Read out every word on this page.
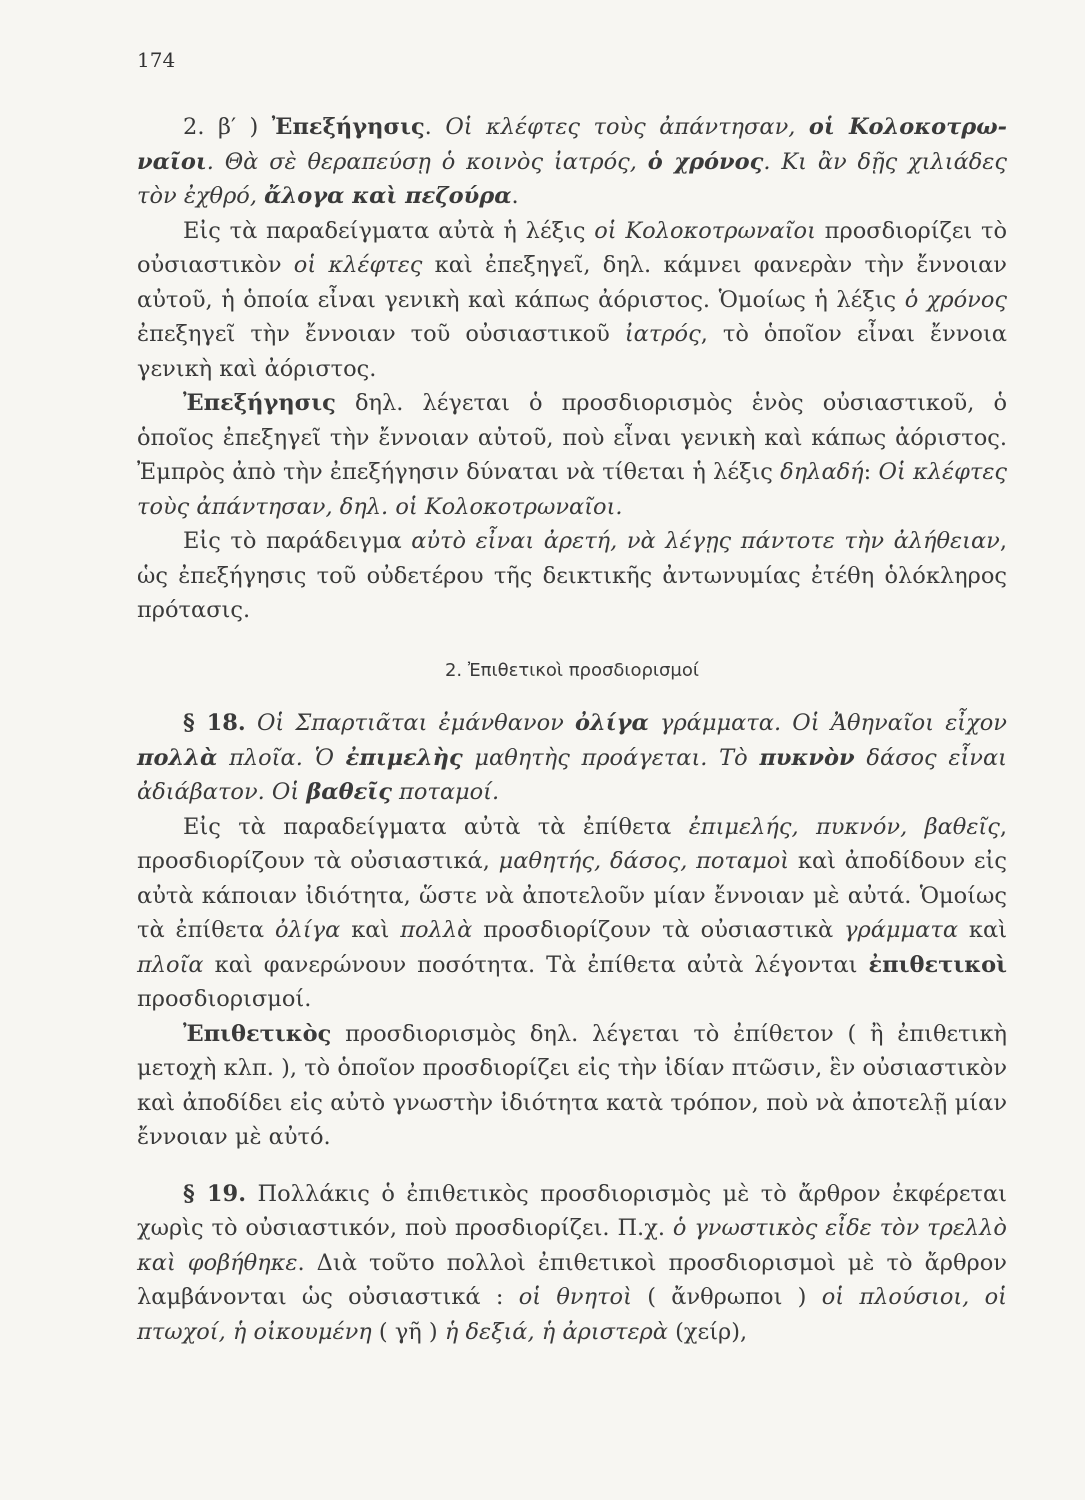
174

2. β′ ) Ἐπεξήγησις. Οἱ κλέφτες τοὺς ἀπάντησαν, οἱ Κολοκοτρω-ναῖοι. Θὰ σὲ θεραπεύσῃ ὁ κοινὸς ἰατρός, ὁ χρόνος. Κι ἂν δῇς χιλιάδες τὸν ἐχθρό, ἄλογα καὶ πεζούρα.

Εἰς τὰ παραδείγματα αὐτὰ ἡ λέξις οἱ Κολοκοτρωναῖοι προσδιορίζει τὸ οὐσιαστικὸν οἱ κλέφτες καὶ ἐπεξηγεῖ, δηλ. κάμνει φανερὰν τὴν ἔννοιαν αὐτοῦ, ἡ ὁποία εἶναι γενικὴ καὶ κάπως ἀόριστος. Ὁμοίως ἡ λέξις ὁ χρόνος ἐπεξηγεῖ τὴν ἔννοιαν τοῦ οὐσιαστικοῦ ἰατρός, τὸ ὁποῖον εἶναι ἔννοια γενικὴ καὶ ἀόριστος.

Ἐπεξήγησις δηλ. λέγεται ὁ προσδιορισμὸς ἑνὸς οὐσιαστικοῦ, ὁ ὁποῖος ἐπεξηγεῖ τὴν ἔννοιαν αὐτοῦ, ποὺ εἶναι γενικὴ καὶ κάπως ἀόριστος. Ἐμπρὸς ἀπὸ τὴν ἐπεξήγησιν δύναται νὰ τίθεται ἡ λέξις δηλαδή: Οἱ κλέφτες τοὺς ἀπάντησαν, δηλ. οἱ Κολοκοτρωναῖοι.

Εἰς τὸ παράδειγμα αὐτὸ εἶναι ἀρετή, νὰ λέγῃς πάντοτε τὴν ἀλήθειαν, ὡς ἐπεξήγησις τοῦ οὐδετέρου τῆς δεικτικῆς ἀντωνυμίας ἐτέθη ὁλόκληρος πρότασις.

2. Ἐπιθετικοὶ προσδιορισμοί

§ 18. Οἱ Σπαρτιᾶται ἐμάνθανον ὀλίγα γράμματα. Οἱ Ἀθηναῖοι εἶχον πολλὰ πλοῖα. Ὁ ἐπιμελὴς μαθητὴς προάγεται. Τὸ πυκνὸν δάσος εἶναι ἀδιάβατον. Οἱ βαθεῖς ποταμοί.

Εἰς τὰ παραδείγματα αὐτὰ τὰ ἐπίθετα ἐπιμελής, πυκνόν, βαθεῖς, προσδιορίζουν τὰ οὐσιαστικά, μαθητής, δάσος, ποταμοὶ καὶ ἀποδίδουν εἰς αὐτὰ κάποιαν ἰδιότητα, ὥστε νὰ ἀποτελοῦν μίαν ἔννοιαν μὲ αὐτά. Ὁμοίως τὰ ἐπίθετα ὀλίγα καὶ πολλὰ προσδιορίζουν τὰ οὐσιαστικὰ γράμματα καὶ πλοῖα καὶ φανερώνουν ποσότητα. Τὰ ἐπίθετα αὐτὰ λέγονται ἐπιθετικοὶ προσδιορισμοί.

Ἐπιθετικὸς προσδιορισμὸς δηλ. λέγεται τὸ ἐπίθετον ( ἢ ἐπιθετικὴ μετοχὴ κλπ. ), τὸ ὁποῖον προσδιορίζει εἰς τὴν ἰδίαν πτῶσιν, ἓν οὐσιαστικὸν καὶ ἀποδίδει εἰς αὐτὸ γνωστὴν ἰδιότητα κατὰ τρόπον, ποὺ νὰ ἀποτελῇ μίαν ἔννοιαν μὲ αὐτό.

§ 19. Πολλάκις ὁ ἐπιθετικὸς προσδιορισμὸς μὲ τὸ ἄρθρον ἐκφέρεται χωρὶς τὸ οὐσιαστικόν, ποὺ προσδιορίζει. Π.χ. ὁ γνωστικὸς εἶδε τὸν τρελλὸ καὶ φοβήθηκε. Διὰ τοῦτο πολλοὶ ἐπιθετικοὶ προσδιορισμοὶ μὲ τὸ ἄρθρον λαμβάνονται ὡς οὐσιαστικά : οἱ θνητοὶ ( ἄνθρωποι ) οἱ πλούσιοι, οἱ πτωχοί, ἡ οἰκουμένη ( γῆ ) ἡ δεξιά, ἡ ἀριστερὰ (χείρ),
